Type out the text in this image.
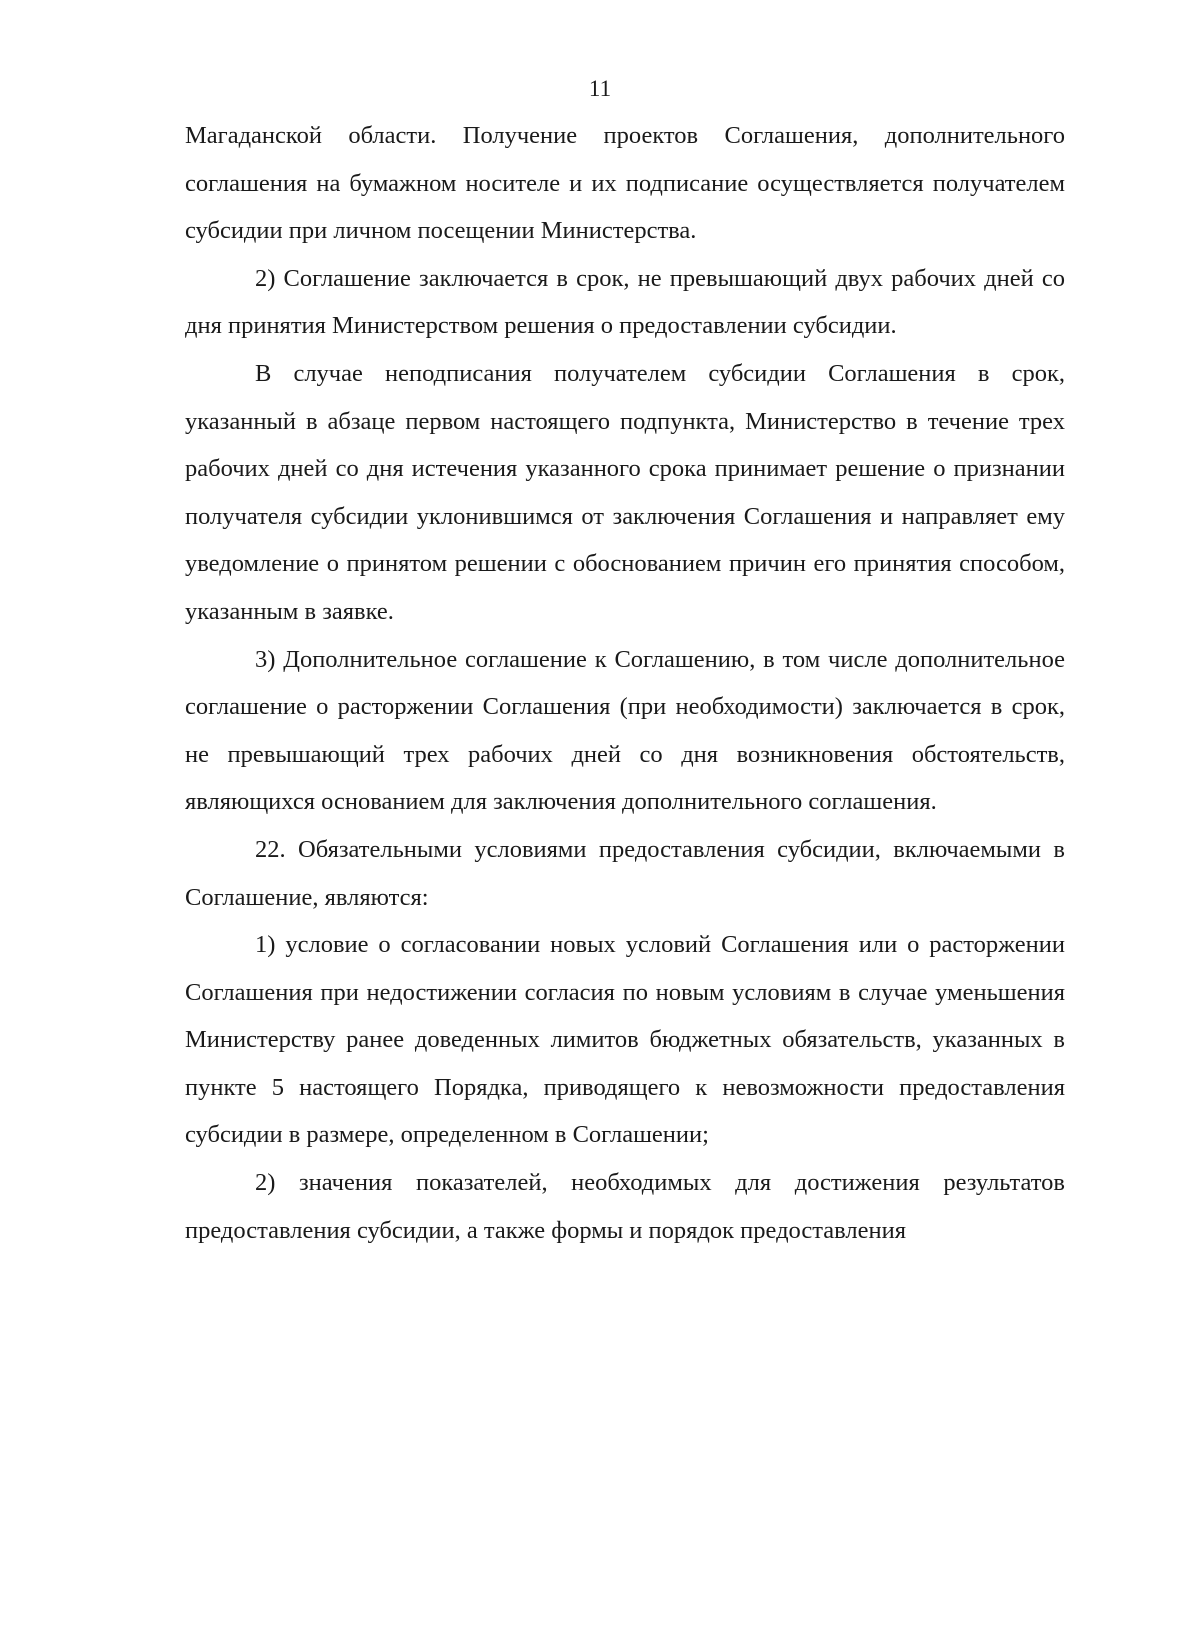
11

Магаданской области. Получение проектов Соглашения, дополнительного соглашения на бумажном носителе и их подписание осуществляется получателем субсидии при личном посещении Министерства.

2) Соглашение заключается в срок, не превышающий двух рабочих дней со дня принятия Министерством решения о предоставлении субсидии.

В случае неподписания получателем субсидии Соглашения в срок, указанный в абзаце первом настоящего подпункта, Министерство в течение трех рабочих дней со дня истечения указанного срока принимает решение о признании получателя субсидии уклонившимся от заключения Соглашения и направляет ему уведомление о принятом решении с обоснованием причин его принятия способом, указанным в заявке.

3) Дополнительное соглашение к Соглашению, в том числе дополнительное соглашение о расторжении Соглашения (при необходимости) заключается в срок, не превышающий трех рабочих дней со дня возникновения обстоятельств, являющихся основанием для заключения дополнительного соглашения.

22. Обязательными условиями предоставления субсидии, включаемыми в Соглашение, являются:

1) условие о согласовании новых условий Соглашения или о расторжении Соглашения при недостижении согласия по новым условиям в случае уменьшения Министерству ранее доведенных лимитов бюджетных обязательств, указанных в пункте 5 настоящего Порядка, приводящего к невозможности предоставления субсидии в размере, определенном в Соглашении;

2) значения показателей, необходимых для достижения результатов предоставления субсидии, а также формы и порядок предоставления
